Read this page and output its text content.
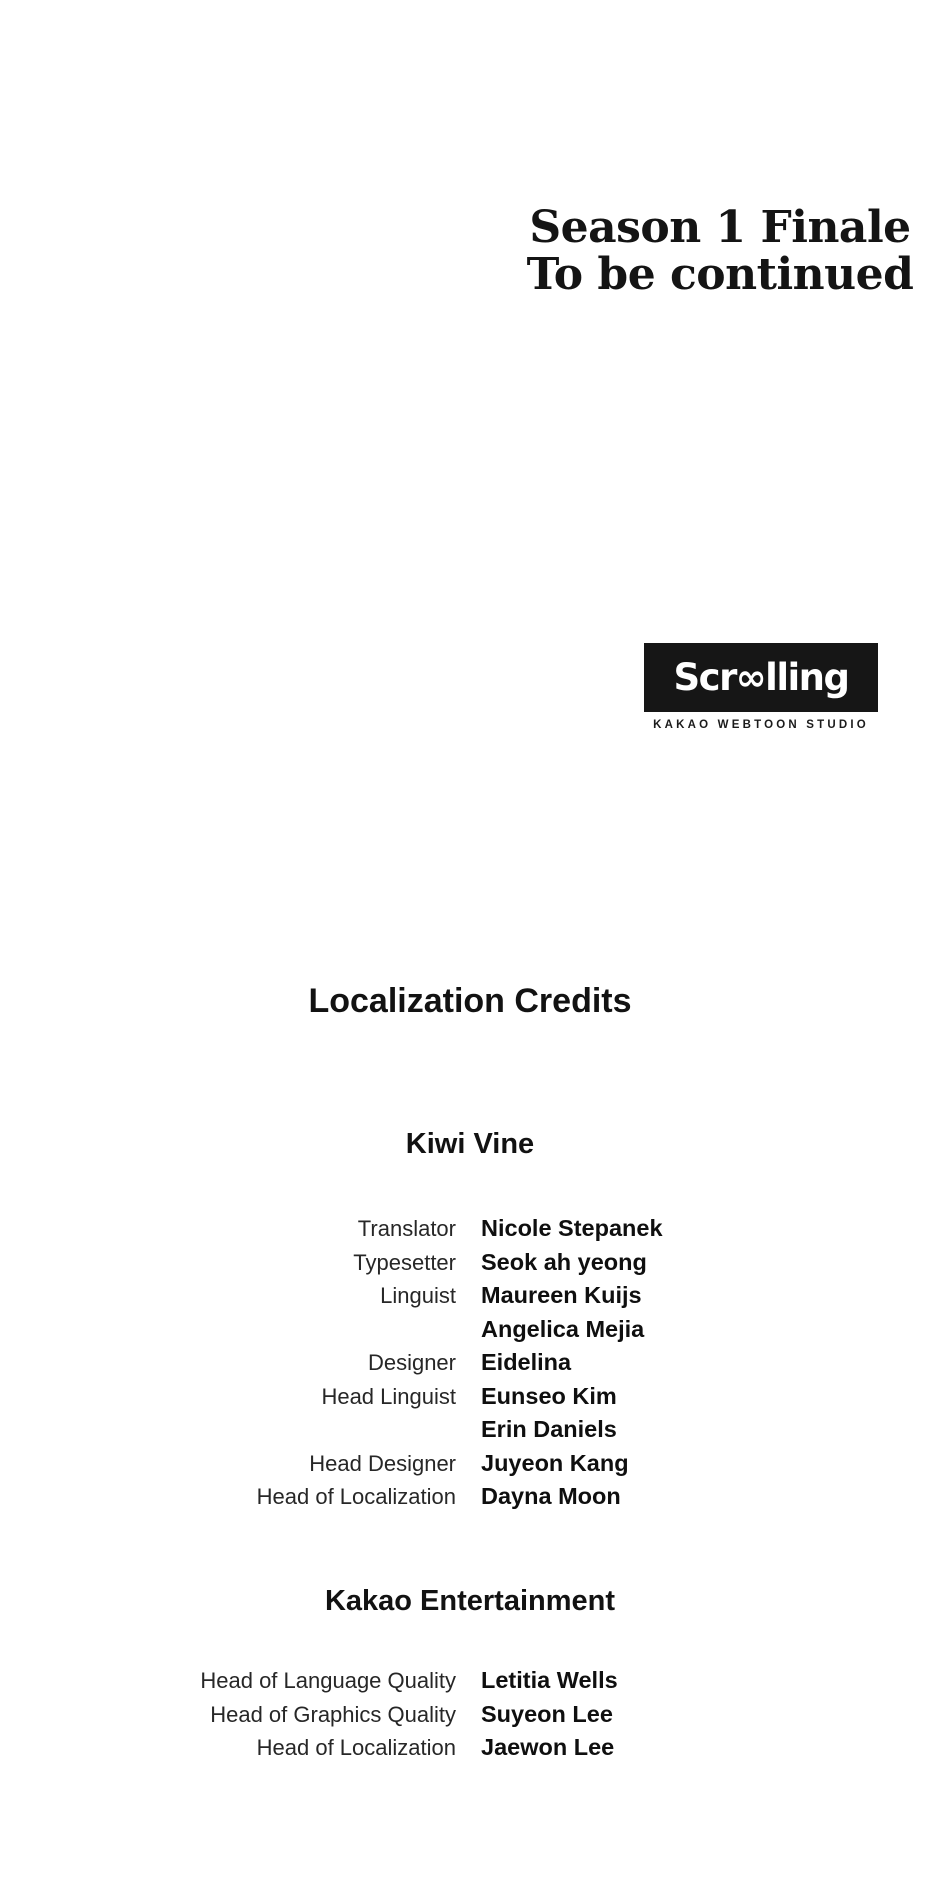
Season 1 Finale
To be continued
Scr∞lling
KAKAO WEBTOON STUDIO
Localization Credits
Kiwi Vine
Translator Nicole Stepanek
Typesetter Seok ah yeong
Linguist Maureen Kuijs
Angelica Mejia
Designer Eidelina
Head Linguist Eunseo Kim
Erin Daniels
Head Designer Juyeon Kang
Head of Localization Dayna Moon
Kakao Entertainment
Head of Language Quality Letitia Wells
Head of Graphics Quality Suyeon Lee
Head of Localization Jaewon Lee
